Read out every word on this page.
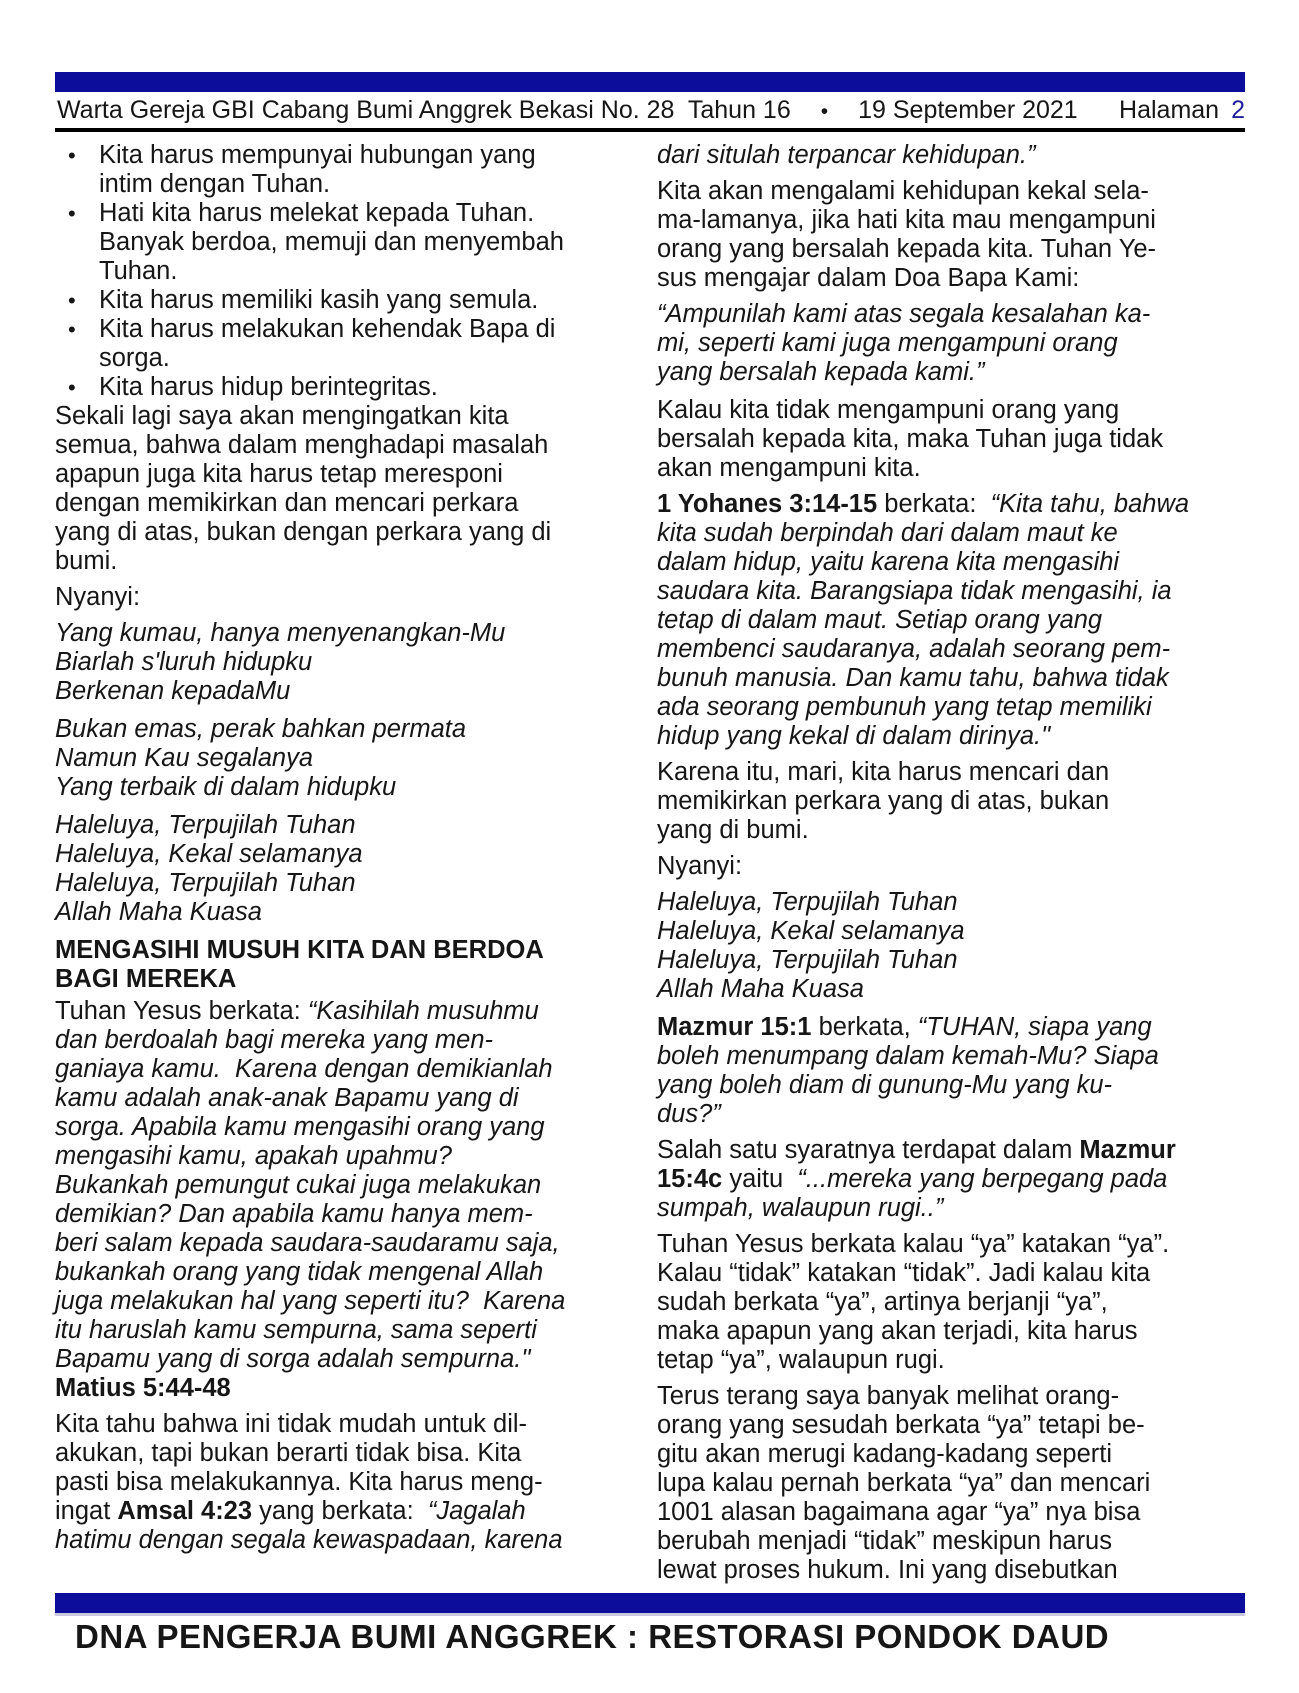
Warta Gereja GBI Cabang Bumi Anggrek Bekasi No. 28  Tahun 16 • 19 September 2021 Halaman 2
• Kita harus mempunyai hubungan yang
intim dengan Tuhan.
• Hati kita harus melekat kepada Tuhan.
Banyak berdoa, memuji dan menyembah
Tuhan.
• Kita harus memiliki kasih yang semula.
• Kita harus melakukan kehendak Bapa di
sorga.
• Kita harus hidup berintegritas.
Sekali lagi saya akan mengingatkan kita
semua, bahwa dalam menghadapi masalah
apapun juga kita harus tetap meresponi
dengan memikirkan dan mencari perkara
yang di atas, bukan dengan perkara yang di
bumi.
Nyanyi:
Yang kumau, hanya menyenangkan-Mu
Biarlah s'luruh hidupku
Berkenan kepadaMu
Bukan emas, perak bahkan permata
Namun Kau segalanya
Yang terbaik di dalam hidupku
Haleluya, Terpujilah Tuhan
Haleluya, Kekal selamanya
Haleluya, Terpujilah Tuhan
Allah Maha Kuasa
MENGASIHI MUSUH KITA DAN BERDOA
BAGI MEREKA
Tuhan Yesus berkata: “Kasihilah musuhmu
dan berdoalah bagi mereka yang men-
ganiaya kamu.  Karena dengan demikianlah
kamu adalah anak-anak Bapamu yang di
sorga. Apabila kamu mengasihi orang yang
mengasihi kamu, apakah upahmu?
Bukankah pemungut cukai juga melakukan
demikian? Dan apabila kamu hanya mem-
beri salam kepada saudara-saudaramu saja,
bukankah orang yang tidak mengenal Allah
juga melakukan hal yang seperti itu?  Karena
itu haruslah kamu sempurna, sama seperti
Bapamu yang di sorga adalah sempurna."
Matius 5:44-48
Kita tahu bahwa ini tidak mudah untuk dil-
akukan, tapi bukan berarti tidak bisa. Kita
pasti bisa melakukannya. Kita harus meng-
ingat Amsal 4:23 yang berkata:  “Jagalah
hatimu dengan segala kewaspadaan, karena
dari situlah terpancar kehidupan.”
Kita akan mengalami kehidupan kekal sela-
ma-lamanya, jika hati kita mau mengampuni
orang yang bersalah kepada kita. Tuhan Ye-
sus mengajar dalam Doa Bapa Kami:
“Ampunilah kami atas segala kesalahan ka-
mi, seperti kami juga mengampuni orang
yang bersalah kepada kami.”
Kalau kita tidak mengampuni orang yang
bersalah kepada kita, maka Tuhan juga tidak
akan mengampuni kita.
1 Yohanes 3:14-15 berkata:  “Kita tahu, bahwa
kita sudah berpindah dari dalam maut ke
dalam hidup, yaitu karena kita mengasihi
saudara kita. Barangsiapa tidak mengasihi, ia
tetap di dalam maut. Setiap orang yang
membenci saudaranya, adalah seorang pem-
bunuh manusia. Dan kamu tahu, bahwa tidak
ada seorang pembunuh yang tetap memiliki
hidup yang kekal di dalam dirinya."
Karena itu, mari, kita harus mencari dan
memikirkan perkara yang di atas, bukan
yang di bumi.
Nyanyi:
Haleluya, Terpujilah Tuhan
Haleluya, Kekal selamanya
Haleluya, Terpujilah Tuhan
Allah Maha Kuasa
Mazmur 15:1 berkata, “TUHAN, siapa yang
boleh menumpang dalam kemah-Mu? Siapa
yang boleh diam di gunung-Mu yang ku-
dus?”
Salah satu syaratnya terdapat dalam Mazmur
15:4c yaitu  “...mereka yang berpegang pada
sumpah, walaupun rugi..”
Tuhan Yesus berkata kalau “ya” katakan “ya”.
Kalau “tidak” katakan “tidak”. Jadi kalau kita
sudah berkata “ya”, artinya berjanji “ya”,
maka apapun yang akan terjadi, kita harus
tetap “ya”, walaupun rugi.
Terus terang saya banyak melihat orang-
orang yang sesudah berkata “ya” tetapi be-
gitu akan merugi kadang-kadang seperti
lupa kalau pernah berkata “ya” dan mencari
1001 alasan bagaimana agar “ya” nya bisa
berubah menjadi “tidak” meskipun harus
lewat proses hukum. Ini yang disebutkan
DNA PENGERJA BUMI ANGGREK : RESTORASI PONDOK DAUD
